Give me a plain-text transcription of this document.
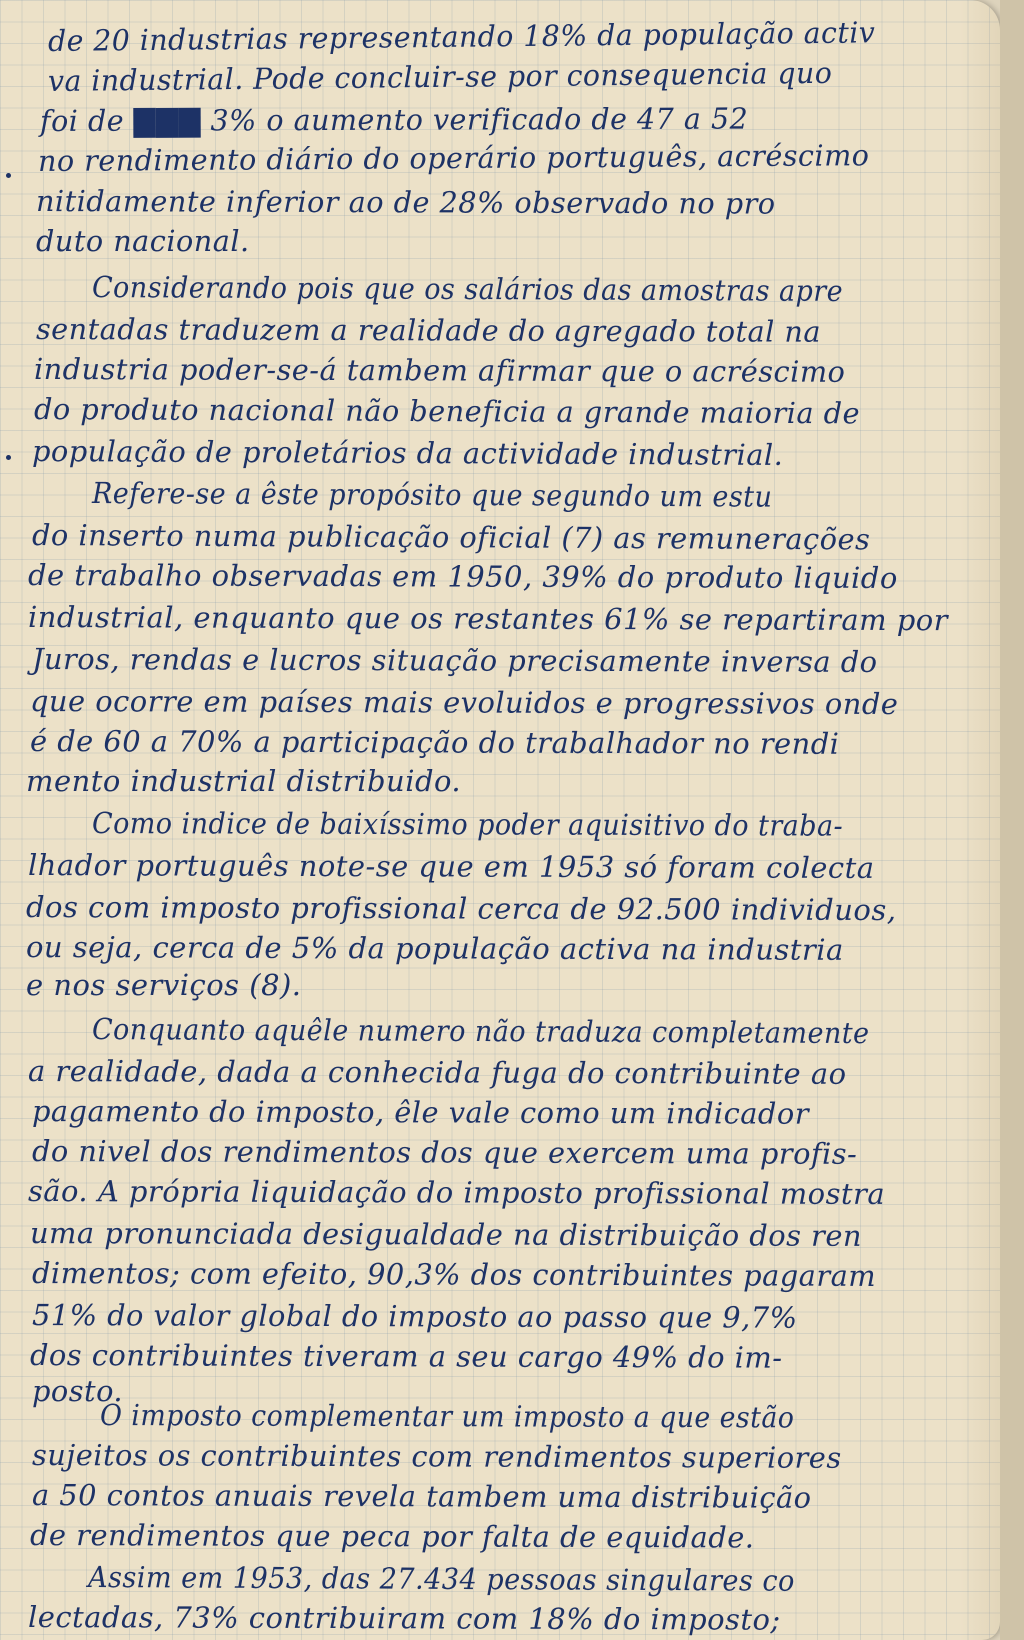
de 20 industrias representando 18% da população activ
va industrial. Pode concluir-se por consequencia quo
foi de ▇▇▇ 3% o aumento verificado de 47 a 52
no rendimento diário do operário português, acréscimo
nitidamente inferior ao de 28% observado no pro
duto nacional.
Considerando pois que os salários das amostras apre
sentadas traduzem a realidade do agregado total na
industria poder-se-á tambem afirmar que o acréscimo
do produto nacional não beneficia a grande maioria de
população de proletários da actividade industrial.
Refere-se a êste propósito que segundo um estu
do inserto numa publicação oficial (7) as remunerações
de trabalho observadas em 1950, 39% do produto liquido
industrial, enquanto que os restantes 61% se repartiram por
Juros, rendas e lucros situação precisamente inversa do
que ocorre em países mais evoluidos e progressivos onde
é de 60 a 70% a participação do trabalhador no rendi
mento industrial distribuido.
Como indice de baixíssimo poder aquisitivo do traba-
lhador português note-se que em 1953 só foram colecta
dos com imposto profissional cerca de 92.500 individuos,
ou seja, cerca de 5% da população activa na industria
e nos serviços (8).
Conquanto aquêle numero não traduza completamente
a realidade, dada a conhecida fuga do contribuinte ao
pagamento do imposto, êle vale como um indicador
do nivel dos rendimentos dos que exercem uma profis-
são. A própria liquidação do imposto profissional mostra
uma pronunciada desigualdade na distribuição dos ren
dimentos; com efeito, 90,3% dos contribuintes pagaram
51% do valor global do imposto ao passo que 9,7%
dos contribuintes tiveram a seu cargo 49% do im-
posto.
O imposto complementar um imposto a que estão
sujeitos os contribuintes com rendimentos superiores
a 50 contos anuais revela tambem uma distribuição
de rendimentos que peca por falta de equidade.
Assim em 1953, das 27.434 pessoas singulares co
lectadas, 73% contribuiram com 18% do imposto;
